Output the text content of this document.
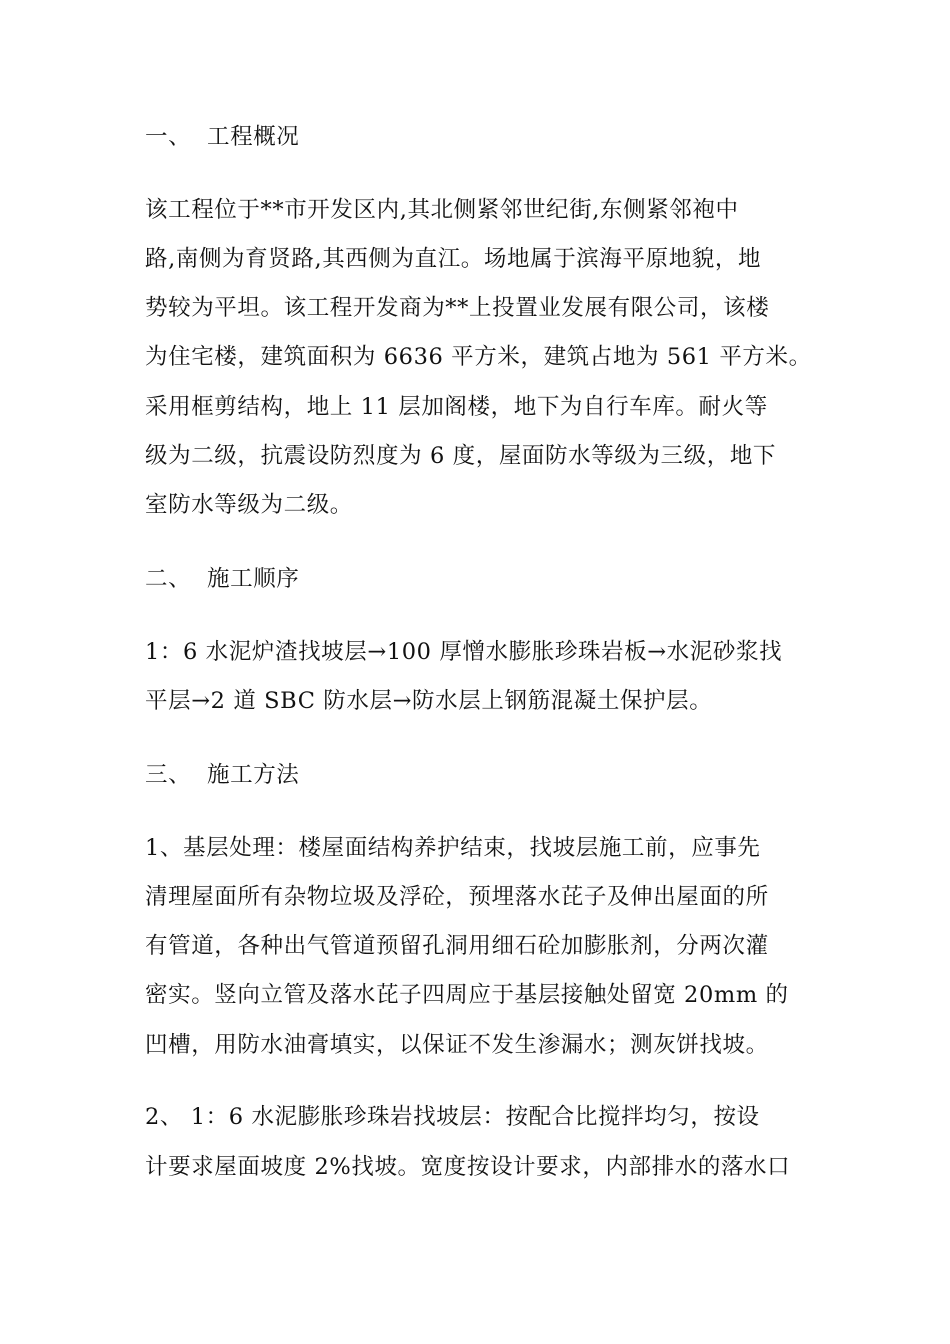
一、 工程概况
该工程位于**市开发区内,其北侧紧邻世纪街,东侧紧邻袍中
路,南侧为育贤路,其西侧为直江。场地属于滨海平原地貌，地
势较为平坦。该工程开发商为**上投置业发展有限公司，该楼
为住宅楼，建筑面积为 6636 平方米，建筑占地为 561 平方米。
采用框剪结构，地上 11 层加阁楼，地下为自行车库。耐火等
级为二级，抗震设防烈度为 6 度，屋面防水等级为三级，地下
室防水等级为二级。
二、 施工顺序
1：6 水泥炉渣找坡层→100 厚憎水膨胀珍珠岩板→水泥砂浆找
平层→2 道 SBC 防水层→防水层上钢筋混凝土保护层。
三、 施工方法
1、基层处理：楼屋面结构养护结束，找坡层施工前，应事先
清理屋面所有杂物垃圾及浮砼，预埋落水芘子及伸出屋面的所
有管道，各种出气管道预留孔洞用细石砼加膨胀剂，分两次灌
密实。竖向立管及落水芘子四周应于基层接触处留宽 20mm 的
凹槽，用防水油膏填实，以保证不发生渗漏水；测灰饼找坡。
2、 1：6 水泥膨胀珍珠岩找坡层：按配合比搅拌均匀，按设
计要求屋面坡度 2%找坡。宽度按设计要求，内部排水的落水口
